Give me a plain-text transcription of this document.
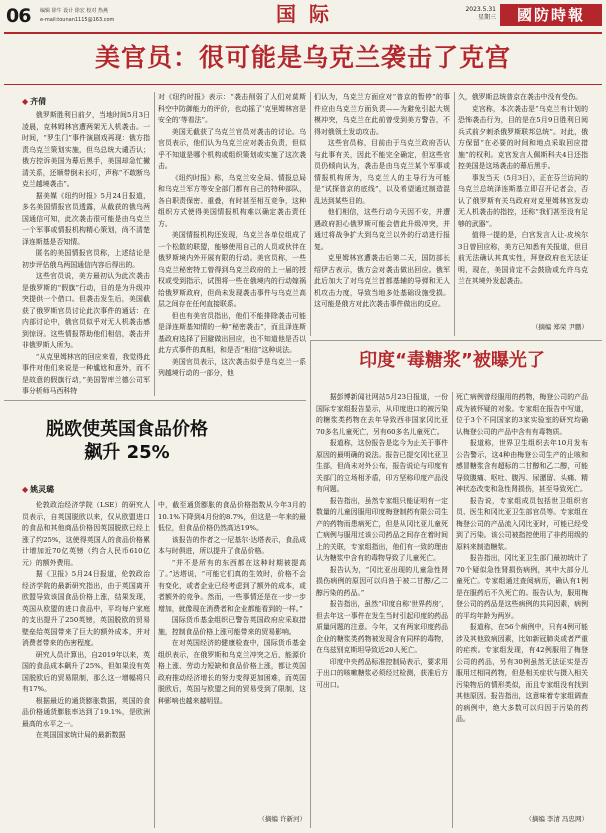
06 编辑 徐牛 设计 徐宏 校对 热燕
e-mail:tounan1115@163.com	国 际	2023.5.31
星期三	國防時報
美官员：很可能是乌克兰袭击了克宫
◆ 齐倩

俄罗斯胜利日前夕，当地时间5月3日凌晨，克林姆林宫遭两架无人机袭击。一时间，“罗生门”事件演剧戏再现：俄方指责乌克兰策划实施，但乌总统大谴否认；俄方控诉美国为幕后黑手，美国却急忙撇清关系，还顺带倒未长叮，声称“不敢断乌克兰越境袭击”。

据美媒《纽约时报》5月24日报道，多名美国情报官员透露，从截获的俄乌两国通信可知，此次袭击很可能是由乌克兰一个军事或情报机构精心策划，尚不清楚泽连斯基是否知情。

匿名的美国情报官员称，上述结论是初步评估俄乌两国通信内容后得出的。

这些官员说，美方最初认为此次袭击是俄罗斯的“假旗”行动，目的是为升级冲突提供一个借口。但袭击发生后，美国截获了俄罗斯官员讨论此次事件的通话：在内部讨论中，俄官员似乎对无人机袭击感到惊讶。这些情报帮助他们相信，袭击并非俄罗斯人所为。

“从克里姆林宫的回应来看，我觉得此事件对他们来说是一种尴尬和意外，而不是故意的假旗行动，”美国智库兰德公司军事分析师马西科特

对《纽约时报》表示：“袭击削弱了人们对莫斯科空中防御能力的评价，也动摇了‘克里姆林宫是安全的’等看法”。

美国无截获了乌克兰官员对袭击的讨论。乌官员表示，他们认为乌克兰应对袭击负责，但似乎不知道是哪个机构或组织策划或实施了这次袭击。

《纽约时报》称，乌克兰安全局、情报总局和乌克兰军方等安全部门都有自己的特种部队，各自职责保密、重叠，有时甚至相互竞争，这种组织方式使得美国情报机构难以确定袭击责任方。

美国情报机构还发现，乌克兰各单位组成了一个松散的联盟，能够使用自己的人员或伙伴在俄罗斯境内外开展有限的行动。美官员称，一些乌克兰秘密特工曾得到乌克兰政府的上一届的授权或受到指示，试图将一些在俄境内的行动嫁祸给俄罗斯政府，但尚未发现袭击事件与乌克兰高层之间存在任何直接联系。

但也有美官员指出，他们不能排除袭击可能是泽连斯基知情的一种“秘密袭击”，而且泽连斯基政府选择了回避做出回应，也不知道他是否以此方式事件的真相，和是否“相信”这种说法。

美国官员表示，这次袭击似乎是乌克兰一系列越境行动的一部分，他

们认为，乌克兰方面应对“普京的暂停”的事件应由乌克兰方面负责——为避免引起大规模冲突，乌克兰在此前曾受到美方警告，不得对俄领土发动攻击。

这些官员称，目前由于乌克兰政府否认与此事有关，因此不能完全确定，但这些官员仍倾向认为，袭击是由乌克兰某个军事或情报机构所为，乌克兰人的主导行为可能是“试探普京的底线”，以及希望通过制造混乱达到某些目的。

他们相信，这些行动今天因不安，并遭遇政府担心俄罗斯可能会借此升级冲突，并通过将战争扩大到乌克兰以外的行动进行报复。

克里姆林宫遭袭击后第二天，国防部长绍伊古表示，俄方会对袭击做出回应。俄军此后加大了对乌克兰首都基辅的导弹和无人机攻击力度，导致当地多处基础设施受损。这可能是俄方对此次袭击事件做出的反应。

久，俄罗斯总统普京在袭击中没有受伤。

克宫称，本次袭击是“乌克兰有计划的恐怖袭击行为，目的是在5月9日胜利日阅兵式前夕刺杀俄罗斯联邦总统”。对此，俄方保留“在必要的时间和地点采取回应措施”的权利。克宫发言人佩斯科夫4日还指控美国是这场袭击的幕后黑手。

事发当天（5月3日），正在芬兰访问的乌克兰总统泽连斯基立即召开记者会，否认了俄罗斯有关乌政府对克里姆林宫发动无人机袭击的指控，还称“我们甚至没有足够的武器”。

值得一提的是，白宫发言人让-皮埃尔3日曾回应称，美方已知悉有关报道，但目前无法确认其真实性，拜登政府也无法证明，现在，美国肯定不会鼓励或允许乌克兰在其境外发起袭击。

（摘编 郑荣 尹鹏）
脱欧使英国食品价格
飙升 25%
◆ 姚灵璐

伦敦政治经济学院（LSE）的研究人员表示，自英国脱欧以来，仅从欧盟进口的食品和其他商品价格因英国脱欧已经上涨了约25%，这使得英国人的食品价格累计增加近70亿英镑（约合人民币610亿元）的额外费用。

据《卫报》5月24日报道，伦敦政治经济学院的最新研究指出，由于英国离开欧盟导致该国食品价格上涨，结果发现，英国从欧盟的进口食品中，平均每户家庭的支出提升了250英镑，英国脱欧的贸易壁垒给英国带来了巨大的额外成本，并对消费者带来的伤害程度。

研究人员计算出，自2019年以来，英国的食品成本飙升了25%，但如果没有英国脱欧后的贸易限制，那么这一增幅将只有17%。

根据最近的通货膨胀数据，英国的食品价格通货膨胀率达到了19.1%，是欧洲最高的水平之一。

在英国国家统计局的最新数据

中，截至通货膨胀的食品价格指数从今年3月的10.1%下降到4月份的8.7%，但这是一年来的最低位，但食品价格仍然高达19%。

该报告的作者之一尼基尔·达塔表示，食品成本与时俱进，所以提升了食品价格。

“并不是所有的东西都在这种时期被提高了。”达塔说，“可能它们真的生效时，价格不会有变化，或者企业已经考虑到了额外的成本，或者额外的竞争。然而，一些事情还是在一步一步增加，就像现在消费者和企业都能看到的一样。”

国际货币基金组织已警告英国政府应采取措施，控制食品价格上涨可能带来的贸易影响。

在对英国经济的健康检查中，国际货币基金组织表示，在俄罗斯和乌克兰冲突之后，能源价格上涨、劳动力短缺和食品价格上涨，都让英国政府推动经济增长的努力变得更加困难，而英国脱欧后，英国与欧盟之间的贸易受到了限制，这种影响也越来越明显。

（摘编 许新河）
印度“毒糖浆”被曝光了

据彭博新闻社网站5月23日报道，一份国际专家组报告显示，从印度进口的被污染的糖浆类药物在去年导致西非国家冈比亚70多名儿童死亡，另有60多名儿童死亡。

报道称，这份报告是迄今为止关于事件原因的最明确的说法。报告已提交冈比亚卫生部，但尚未对外公布，报告说论与印度有关部门的立场相矛盾，印方坚称印度产品没有问题。

报告指出，虽然专家组只能证明有一定数量的儿童因服用印度梅登制药有限公司生产的药物而患病死亡，但是从冈比亚儿童死亡病例与服用过该公司药品之间存在着时间上的关联，专家组指出，他们有一致的理由认为糖浆中含有的毒物导致了儿童死亡。

报告认为，“冈比亚出现的儿童急性肾损伤病例的原因可以归咎于被二甘醇/乙二醇污染的药品。”

报告指出，虽然“印度自称‘世界药房’，但去年这一事件在发生当时引起印度的药品质量问题的注意。今年，又有两家印度药品企业的糖浆类药物被发现含有同样的毒物，在乌兹别克斯坦导致近20人死亡。

印度中央药品标准控制局表示，要求用于出口的咳嗽糖浆必须经过检测，获准后方可出口。

死亡病例曾经服用的药物，梅登公司的产品成为被怀疑的对象。专家组在报告中写道，位于3个不同国家的3家实验室的研究均确认梅登公司的产品中含有有毒物质。

报道称，世界卫生组织去年10月发布公告警示，这4种由梅登公司生产的止咳和感冒糖浆含有超标的二甘醇和乙二醇，可能导致腹痛、呕吐、腹泻、尿潴留、头痛、精神状态改变和急性肾损伤，甚至导致死亡。

报告说，专家组成员包括世卫组织官员、医生和冈比亚卫生部官员等。专家组在梅登公司的产品流入冈比亚时，可能已经受到了污染。该公司被指控使用了非药用级的原料来制造糖浆。

报告指出，冈比亚卫生部门最初统计了70个疑似急性肾损伤病例，其中大部分儿童死亡。专家组通过查阅病历，确认有1例是在服药后不久死亡的。报告认为，服用梅登公司的药品是这些病例的共同因素，病例的平均年龄为两岁。

报道称，在56个病例中，只有4例可能涉及其他致病因素，比如新冠肺炎或者严重的疟疾。专家组发现，有42例服用了梅登公司的药品，另有30例虽然无法证实是否服用过相同药物，但是相关症状与摄入相关污染物后的情形类似，而且专家组没有找到其他原因。报告指出，这意味着专家组调查的病例中，绝大多数可以归因于污染的药品。

（摘编 李清 冯忠网）
